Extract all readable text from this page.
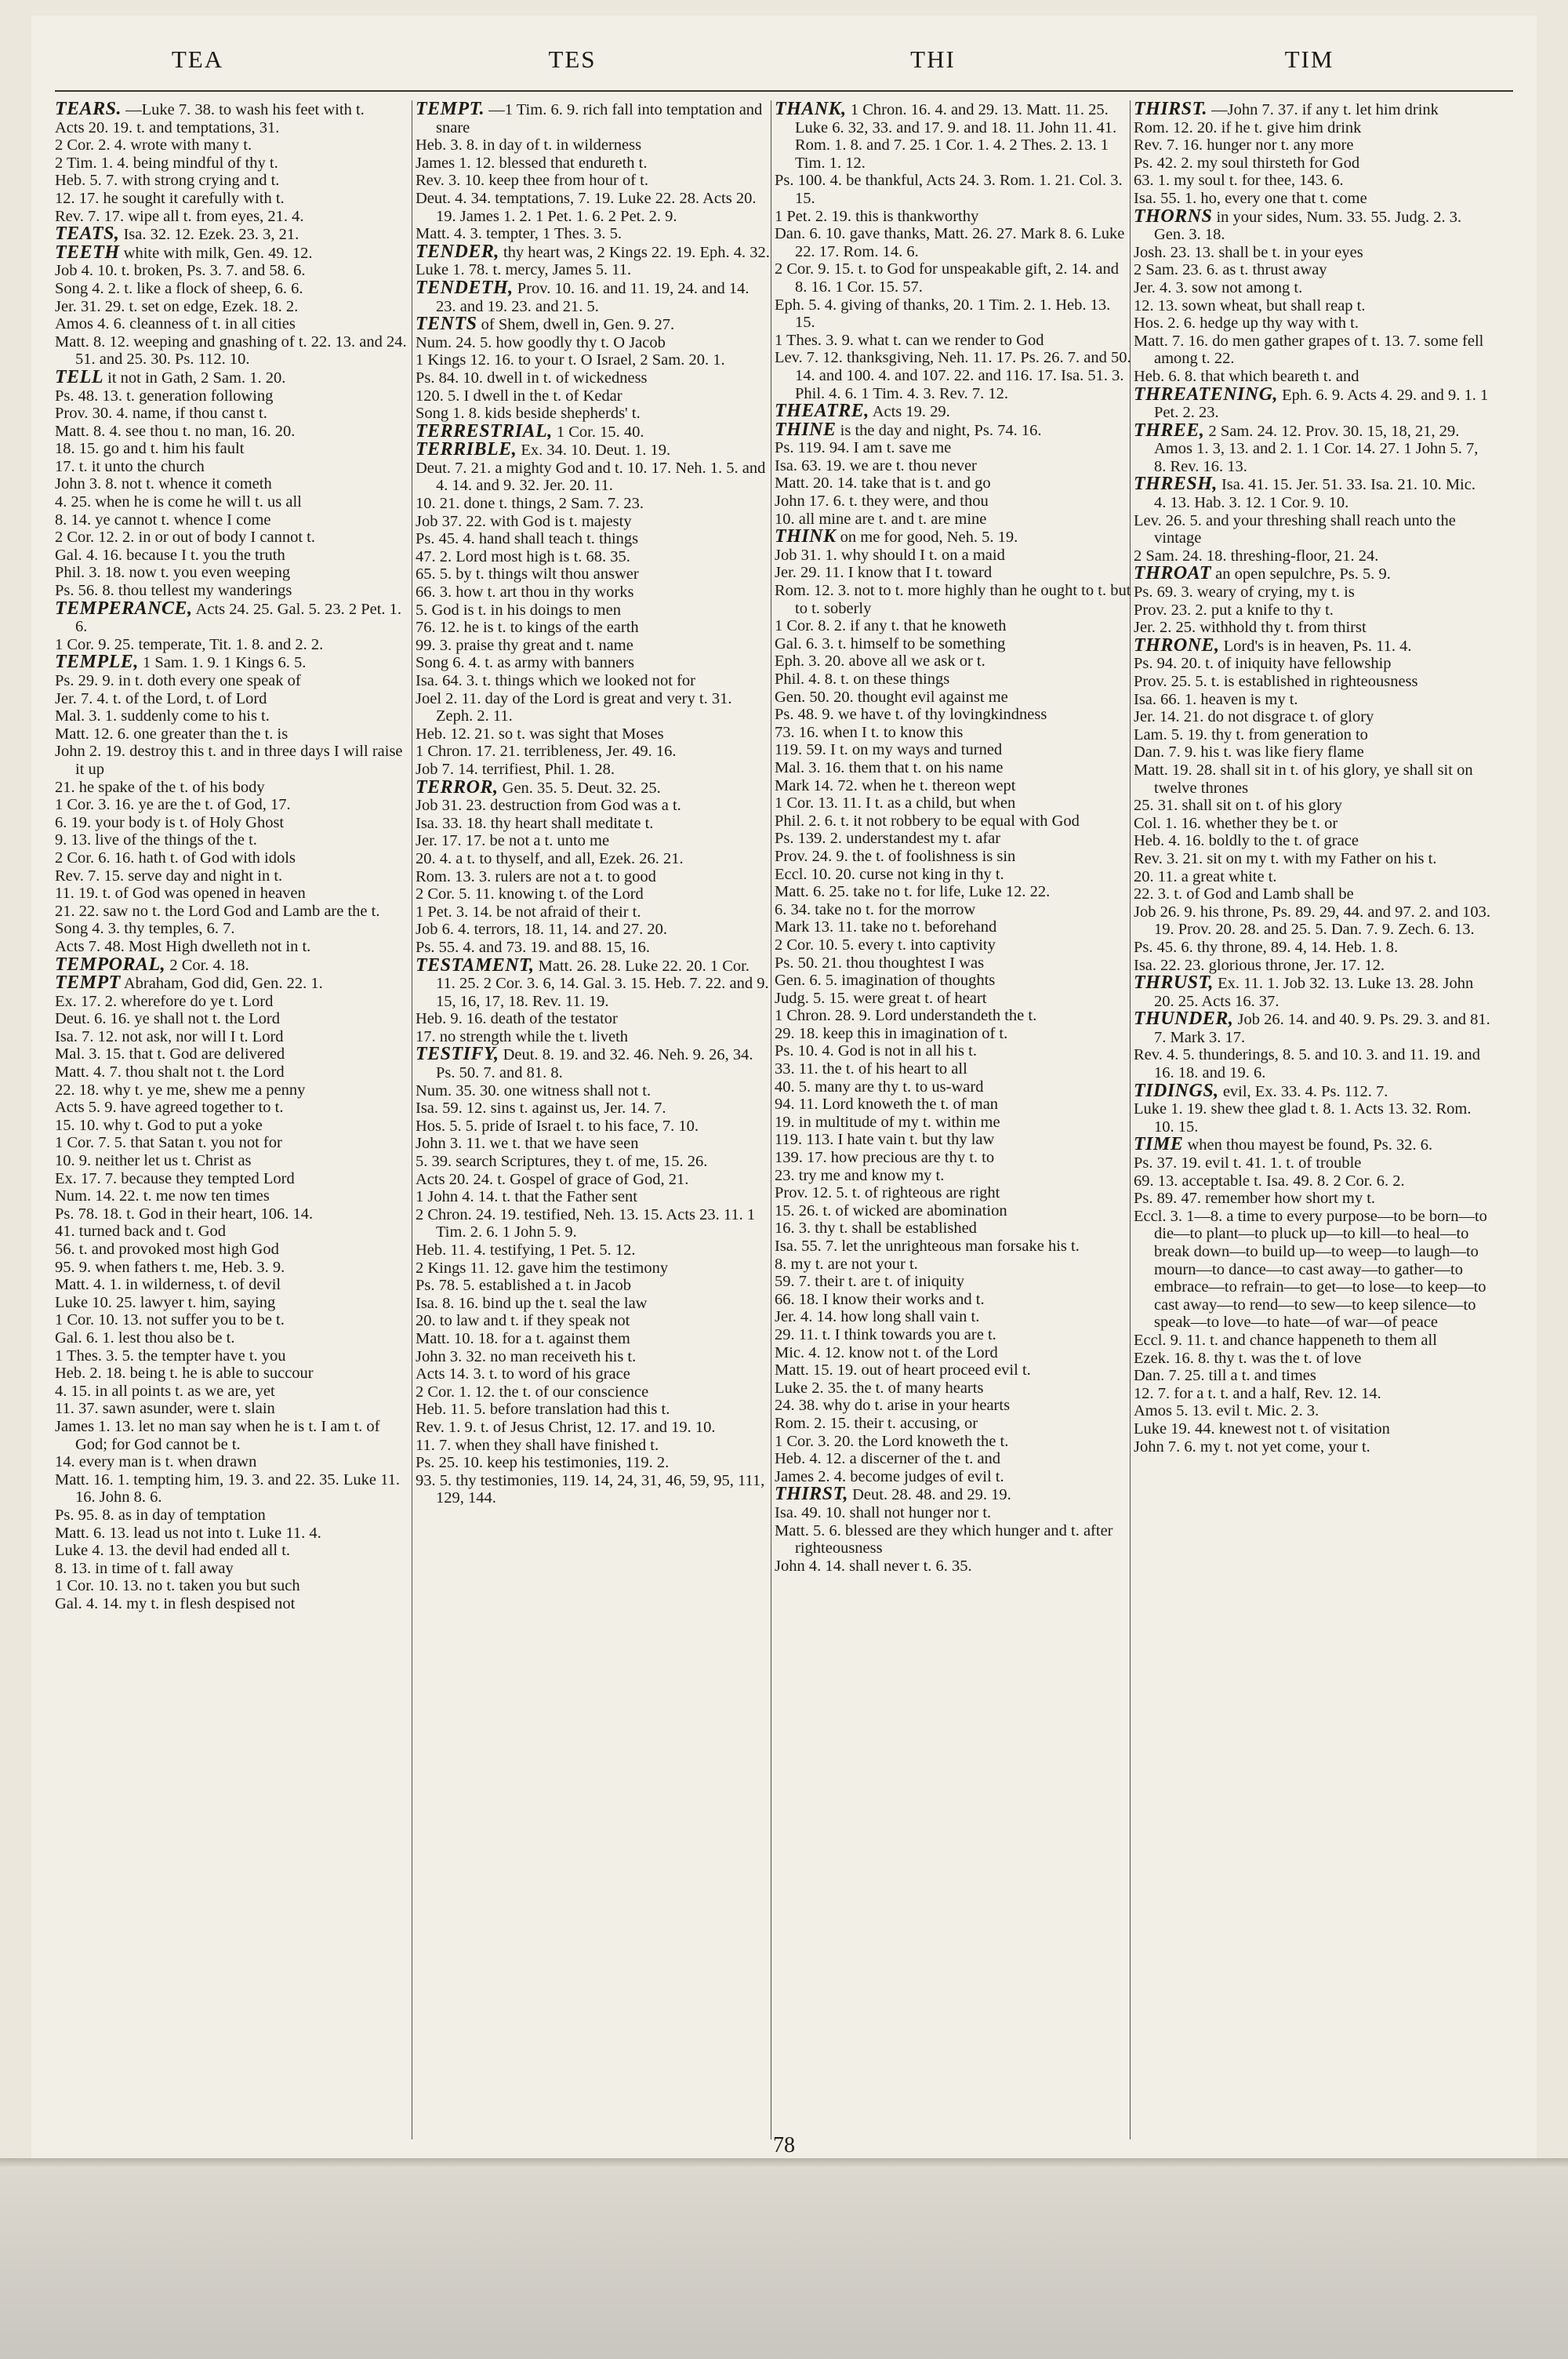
TEA	TES	THI	TIM

TEARS. —Luke 7. 38. to wash his feet with t.

Acts 20. 19. t. and temptations, 31.

2 Cor. 2. 4. wrote with many t.

2 Tim. 1. 4. being mindful of thy t.

Heb. 5. 7. with strong crying and t.

12. 17. he sought it carefully with t.

Rev. 7. 17. wipe all t. from eyes, 21. 4.

TEATS, Isa. 32. 12. Ezek. 23. 3, 21.

TEETH white with milk, Gen. 49. 12.

Job 4. 10. t. broken, Ps. 3. 7. and 58. 6.

Song 4. 2. t. like a flock of sheep, 6. 6.

Jer. 31. 29. t. set on edge, Ezek. 18. 2.

Amos 4. 6. cleanness of t. in all cities

Matt. 8. 12. weeping and gnashing of t. 22. 13. and 24. 51. and 25. 30. Ps. 112. 10.

TELL it not in Gath, 2 Sam. 1. 20.

Ps. 48. 13. t. generation following

Prov. 30. 4. name, if thou canst t.

Matt. 8. 4. see thou t. no man, 16. 20.

18. 15. go and t. him his fault

17. t. it unto the church

John 3. 8. not t. whence it cometh

4. 25. when he is come he will t. us all

8. 14. ye cannot t. whence I come

2 Cor. 12. 2. in or out of body I cannot t.

Gal. 4. 16. because I t. you the truth

Phil. 3. 18. now t. you even weeping

Ps. 56. 8. thou tellest my wanderings

TEMPERANCE, Acts 24. 25. Gal. 5. 23. 2 Pet. 1. 6.

1 Cor. 9. 25. temperate, Tit. 1. 8. and 2. 2.

TEMPLE, 1 Sam. 1. 9. 1 Kings 6. 5.

Ps. 29. 9. in t. doth every one speak of

Jer. 7. 4. t. of the Lord, t. of Lord

Mal. 3. 1. suddenly come to his t.

Matt. 12. 6. one greater than the t. is

John 2. 19. destroy this t. and in three days I will raise it up

21. he spake of the t. of his body

1 Cor. 3. 16. ye are the t. of God, 17.

6. 19. your body is t. of Holy Ghost

9. 13. live of the things of the t.

2 Cor. 6. 16. hath t. of God with idols

Rev. 7. 15. serve day and night in t.

11. 19. t. of God was opened in heaven

21. 22. saw no t. the Lord God and Lamb are the t.

Song 4. 3. thy temples, 6. 7.

Acts 7. 48. Most High dwelleth not in t.

TEMPORAL, 2 Cor. 4. 18.

TEMPT Abraham, God did, Gen. 22. 1.

Ex. 17. 2. wherefore do ye t. Lord

Deut. 6. 16. ye shall not t. the Lord

Isa. 7. 12. not ask, nor will I t. Lord

Mal. 3. 15. that t. God are delivered

Matt. 4. 7. thou shalt not t. the Lord

22. 18. why t. ye me, shew me a penny

Acts 5. 9. have agreed together to t.

15. 10. why t. God to put a yoke

1 Cor. 7. 5. that Satan t. you not for

10. 9. neither let us t. Christ as

Ex. 17. 7. because they tempted Lord

Num. 14. 22. t. me now ten times

Ps. 78. 18. t. God in their heart, 106. 14.

41. turned back and t. God

56. t. and provoked most high God

95. 9. when fathers t. me, Heb. 3. 9.

Matt. 4. 1. in wilderness, t. of devil

Luke 10. 25. lawyer t. him, saying

1 Cor. 10. 13. not suffer you to be t.

Gal. 6. 1. lest thou also be t.

1 Thes. 3. 5. the tempter have t. you

Heb. 2. 18. being t. he is able to succour

4. 15. in all points t. as we are, yet

11. 37. sawn asunder, were t. slain

James 1. 13. let no man say when he is t. I am t. of God; for God cannot be t.

14. every man is t. when drawn

Matt. 16. 1. tempting him, 19. 3. and 22. 35. Luke 11. 16. John 8. 6.

Ps. 95. 8. as in day of temptation

Matt. 6. 13. lead us not into t. Luke 11. 4.

Luke 4. 13. the devil had ended all t.

8. 13. in time of t. fall away

1 Cor. 10. 13. no t. taken you but such

Gal. 4. 14. my t. in flesh despised not

TEMPT. —1 Tim. 6. 9. rich fall into temptation and snare

Heb. 3. 8. in day of t. in wilderness

James 1. 12. blessed that endureth t.

Rev. 3. 10. keep thee from hour of t.

Deut. 4. 34. temptations, 7. 19. Luke 22. 28. Acts 20. 19. James 1. 2. 1 Pet. 1. 6. 2 Pet. 2. 9.

Matt. 4. 3. tempter, 1 Thes. 3. 5.

TENDER, thy heart was, 2 Kings 22. 19. Eph. 4. 32.

Luke 1. 78. t. mercy, James 5. 11.

TENDETH, Prov. 10. 16. and 11. 19, 24. and 14. 23. and 19. 23. and 21. 5.

TENTS of Shem, dwell in, Gen. 9. 27.

Num. 24. 5. how goodly thy t. O Jacob

1 Kings 12. 16. to your t. O Israel, 2 Sam. 20. 1.

Ps. 84. 10. dwell in t. of wickedness

120. 5. I dwell in the t. of Kedar

Song 1. 8. kids beside shepherds' t.

TERRESTRIAL, 1 Cor. 15. 40.

TERRIBLE, Ex. 34. 10. Deut. 1. 19.

Deut. 7. 21. a mighty God and t. 10. 17. Neh. 1. 5. and 4. 14. and 9. 32. Jer. 20. 11.

10. 21. done t. things, 2 Sam. 7. 23.

Job 37. 22. with God is t. majesty

Ps. 45. 4. hand shall teach t. things

47. 2. Lord most high is t. 68. 35.

65. 5. by t. things wilt thou answer

66. 3. how t. art thou in thy works

5. God is t. in his doings to men

76. 12. he is t. to kings of the earth

99. 3. praise thy great and t. name

Song 6. 4. t. as army with banners

Isa. 64. 3. t. things which we looked not for

Joel 2. 11. day of the Lord is great and very t. 31. Zeph. 2. 11.

Heb. 12. 21. so t. was sight that Moses

1 Chron. 17. 21. terribleness, Jer. 49. 16.

Job 7. 14. terrifiest, Phil. 1. 28.

TERROR, Gen. 35. 5. Deut. 32. 25.

Job 31. 23. destruction from God was a t.

Isa. 33. 18. thy heart shall meditate t.

Jer. 17. 17. be not a t. unto me

20. 4. a t. to thyself, and all, Ezek. 26. 21.

Rom. 13. 3. rulers are not a t. to good

2 Cor. 5. 11. knowing t. of the Lord

1 Pet. 3. 14. be not afraid of their t.

Job 6. 4. terrors, 18. 11, 14. and 27. 20.

Ps. 55. 4. and 73. 19. and 88. 15, 16.

TESTAMENT, Matt. 26. 28. Luke 22. 20. 1 Cor. 11. 25. 2 Cor. 3. 6, 14. Gal. 3. 15. Heb. 7. 22. and 9. 15, 16, 17, 18. Rev. 11. 19.

Heb. 9. 16. death of the testator

17. no strength while the t. liveth

TESTIFY, Deut. 8. 19. and 32. 46. Neh. 9. 26, 34. Ps. 50. 7. and 81. 8.

Num. 35. 30. one witness shall not t.

Isa. 59. 12. sins t. against us, Jer. 14. 7.

Hos. 5. 5. pride of Israel t. to his face, 7. 10.

John 3. 11. we t. that we have seen

5. 39. search Scriptures, they t. of me, 15. 26.

Acts 20. 24. t. Gospel of grace of God, 21.

1 John 4. 14. t. that the Father sent

2 Chron. 24. 19. testified, Neh. 13. 15. Acts 23. 11. 1 Tim. 2. 6. 1 John 5. 9.

Heb. 11. 4. testifying, 1 Pet. 5. 12.

2 Kings 11. 12. gave him the testimony

Ps. 78. 5. established a t. in Jacob

Isa. 8. 16. bind up the t. seal the law

20. to law and t. if they speak not

Matt. 10. 18. for a t. against them

John 3. 32. no man receiveth his t.

Acts 14. 3. t. to word of his grace

2 Cor. 1. 12. the t. of our conscience

Heb. 11. 5. before translation had this t.

Rev. 1. 9. t. of Jesus Christ, 12. 17. and 19. 10.

11. 7. when they shall have finished t.

Ps. 25. 10. keep his testimonies, 119. 2.

93. 5. thy testimonies, 119. 14, 24, 31, 46, 59, 95, 111, 129, 144.

THANK, 1 Chron. 16. 4. and 29. 13. Matt. 11. 25. Luke 6. 32, 33. and 17. 9. and 18. 11. John 11. 41. Rom. 1. 8. and 7. 25. 1 Cor. 1. 4. 2 Thes. 2. 13. 1 Tim. 1. 12.

Ps. 100. 4. be thankful, Acts 24. 3. Rom. 1. 21. Col. 3. 15.

1 Pet. 2. 19. this is thankworthy

Dan. 6. 10. gave thanks, Matt. 26. 27. Mark 8. 6. Luke 22. 17. Rom. 14. 6.

2 Cor. 9. 15. t. to God for unspeakable gift, 2. 14. and 8. 16. 1 Cor. 15. 57.

Eph. 5. 4. giving of thanks, 20. 1 Tim. 2. 1. Heb. 13. 15.

1 Thes. 3. 9. what t. can we render to God

Lev. 7. 12. thanksgiving, Neh. 11. 17. Ps. 26. 7. and 50. 14. and 100. 4. and 107. 22. and 116. 17. Isa. 51. 3. Phil. 4. 6. 1 Tim. 4. 3. Rev. 7. 12.

THEATRE, Acts 19. 29.

THINE is the day and night, Ps. 74. 16.

Ps. 119. 94. I am t. save me

Isa. 63. 19. we are t. thou never

Matt. 20. 14. take that is t. and go

John 17. 6. t. they were, and thou

10. all mine are t. and t. are mine

THINK on me for good, Neh. 5. 19.

Job 31. 1. why should I t. on a maid

Jer. 29. 11. I know that I t. toward

Rom. 12. 3. not to t. more highly than he ought to t. but to t. soberly

1 Cor. 8. 2. if any t. that he knoweth

Gal. 6. 3. t. himself to be something

Eph. 3. 20. above all we ask or t.

Phil. 4. 8. t. on these things

Gen. 50. 20. thought evil against me

Ps. 48. 9. we have t. of thy lovingkindness

73. 16. when I t. to know this

119. 59. I t. on my ways and turned

Mal. 3. 16. them that t. on his name

Mark 14. 72. when he t. thereon wept

1 Cor. 13. 11. I t. as a child, but when

Phil. 2. 6. t. it not robbery to be equal with God

Ps. 139. 2. understandest my t. afar

Prov. 24. 9. the t. of foolishness is sin

Eccl. 10. 20. curse not king in thy t.

Matt. 6. 25. take no t. for life, Luke 12. 22.

6. 34. take no t. for the morrow

Mark 13. 11. take no t. beforehand

2 Cor. 10. 5. every t. into captivity

Ps. 50. 21. thou thoughtest I was

Gen. 6. 5. imagination of thoughts

Judg. 5. 15. were great t. of heart

1 Chron. 28. 9. Lord understandeth the t.

29. 18. keep this in imagination of t.

Ps. 10. 4. God is not in all his t.

33. 11. the t. of his heart to all

40. 5. many are thy t. to us-ward

94. 11. Lord knoweth the t. of man

19. in multitude of my t. within me

119. 113. I hate vain t. but thy law

139. 17. how precious are thy t. to

23. try me and know my t.

Prov. 12. 5. t. of righteous are right

15. 26. t. of wicked are abomination

16. 3. thy t. shall be established

Isa. 55. 7. let the unrighteous man forsake his t.

8. my t. are not your t.

59. 7. their t. are t. of iniquity

66. 18. I know their works and t.

Jer. 4. 14. how long shall vain t.

29. 11. t. I think towards you are t.

Mic. 4. 12. know not t. of the Lord

Matt. 15. 19. out of heart proceed evil t.

Luke 2. 35. the t. of many hearts

24. 38. why do t. arise in your hearts

Rom. 2. 15. their t. accusing, or

1 Cor. 3. 20. the Lord knoweth the t.

Heb. 4. 12. a discerner of the t. and

James 2. 4. become judges of evil t.

THIRST, Deut. 28. 48. and 29. 19.

Isa. 49. 10. shall not hunger nor t.

Matt. 5. 6. blessed are they which hunger and t. after righteousness

John 4. 14. shall never t. 6. 35.

THIRST. —John 7. 37. if any t. let him drink

Rom. 12. 20. if he t. give him drink

Rev. 7. 16. hunger nor t. any more

Ps. 42. 2. my soul thirsteth for God

63. 1. my soul t. for thee, 143. 6.

Isa. 55. 1. ho, every one that t. come

THORNS in your sides, Num. 33. 55. Judg. 2. 3. Gen. 3. 18.

Josh. 23. 13. shall be t. in your eyes

2 Sam. 23. 6. as t. thrust away

Jer. 4. 3. sow not among t.

12. 13. sown wheat, but shall reap t.

Hos. 2. 6. hedge up thy way with t.

Matt. 7. 16. do men gather grapes of t. 13. 7. some fell among t. 22.

Heb. 6. 8. that which beareth t. and

THREATENING, Eph. 6. 9. Acts 4. 29. and 9. 1. 1 Pet. 2. 23.

THREE, 2 Sam. 24. 12. Prov. 30. 15, 18, 21, 29. Amos 1. 3, 13. and 2. 1. 1 Cor. 14. 27. 1 John 5. 7, 8. Rev. 16. 13.

THRESH, Isa. 41. 15. Jer. 51. 33. Isa. 21. 10. Mic. 4. 13. Hab. 3. 12. 1 Cor. 9. 10.

Lev. 26. 5. and your threshing shall reach unto the vintage

2 Sam. 24. 18. threshing-floor, 21. 24.

THROAT an open sepulchre, Ps. 5. 9.

Ps. 69. 3. weary of crying, my t. is

Prov. 23. 2. put a knife to thy t.

Jer. 2. 25. withhold thy t. from thirst

THRONE, Lord's is in heaven, Ps. 11. 4.

Ps. 94. 20. t. of iniquity have fellowship

Prov. 25. 5. t. is established in righteousness

Isa. 66. 1. heaven is my t.

Jer. 14. 21. do not disgrace t. of glory

Lam. 5. 19. thy t. from generation to

Dan. 7. 9. his t. was like fiery flame

Matt. 19. 28. shall sit in t. of his glory, ye shall sit on twelve thrones

25. 31. shall sit on t. of his glory

Col. 1. 16. whether they be t. or

Heb. 4. 16. boldly to the t. of grace

Rev. 3. 21. sit on my t. with my Father on his t.

20. 11. a great white t.

22. 3. t. of God and Lamb shall be

Job 26. 9. his throne, Ps. 89. 29, 44. and 97. 2. and 103. 19. Prov. 20. 28. and 25. 5. Dan. 7. 9. Zech. 6. 13.

Ps. 45. 6. thy throne, 89. 4, 14. Heb. 1. 8.

Isa. 22. 23. glorious throne, Jer. 17. 12.

THRUST, Ex. 11. 1. Job 32. 13. Luke 13. 28. John 20. 25. Acts 16. 37.

THUNDER, Job 26. 14. and 40. 9. Ps. 29. 3. and 81. 7. Mark 3. 17.

Rev. 4. 5. thunderings, 8. 5. and 10. 3. and 11. 19. and 16. 18. and 19. 6.

TIDINGS, evil, Ex. 33. 4. Ps. 112. 7.

Luke 1. 19. shew thee glad t. 8. 1. Acts 13. 32. Rom. 10. 15.

TIME when thou mayest be found, Ps. 32. 6.

Ps. 37. 19. evil t. 41. 1. t. of trouble

69. 13. acceptable t. Isa. 49. 8. 2 Cor. 6. 2.

Ps. 89. 47. remember how short my t.

Eccl. 3. 1—8. a time to every purpose—to be born—to die—to plant—to pluck up—to kill—to heal—to break down—to build up—to weep—to laugh—to mourn—to dance—to cast away—to gather—to embrace—to refrain—to get—to lose—to keep—to cast away—to rend—to sew—to keep silence—to speak—to love—to hate—of war—of peace

Eccl. 9. 11. t. and chance happeneth to them all

Ezek. 16. 8. thy t. was the t. of love

Dan. 7. 25. till a t. and times

12. 7. for a t. t. and a half, Rev. 12. 14.

Amos 5. 13. evil t. Mic. 2. 3.

Luke 19. 44. knewest not t. of visitation

John 7. 6. my t. not yet come, your t.

78
